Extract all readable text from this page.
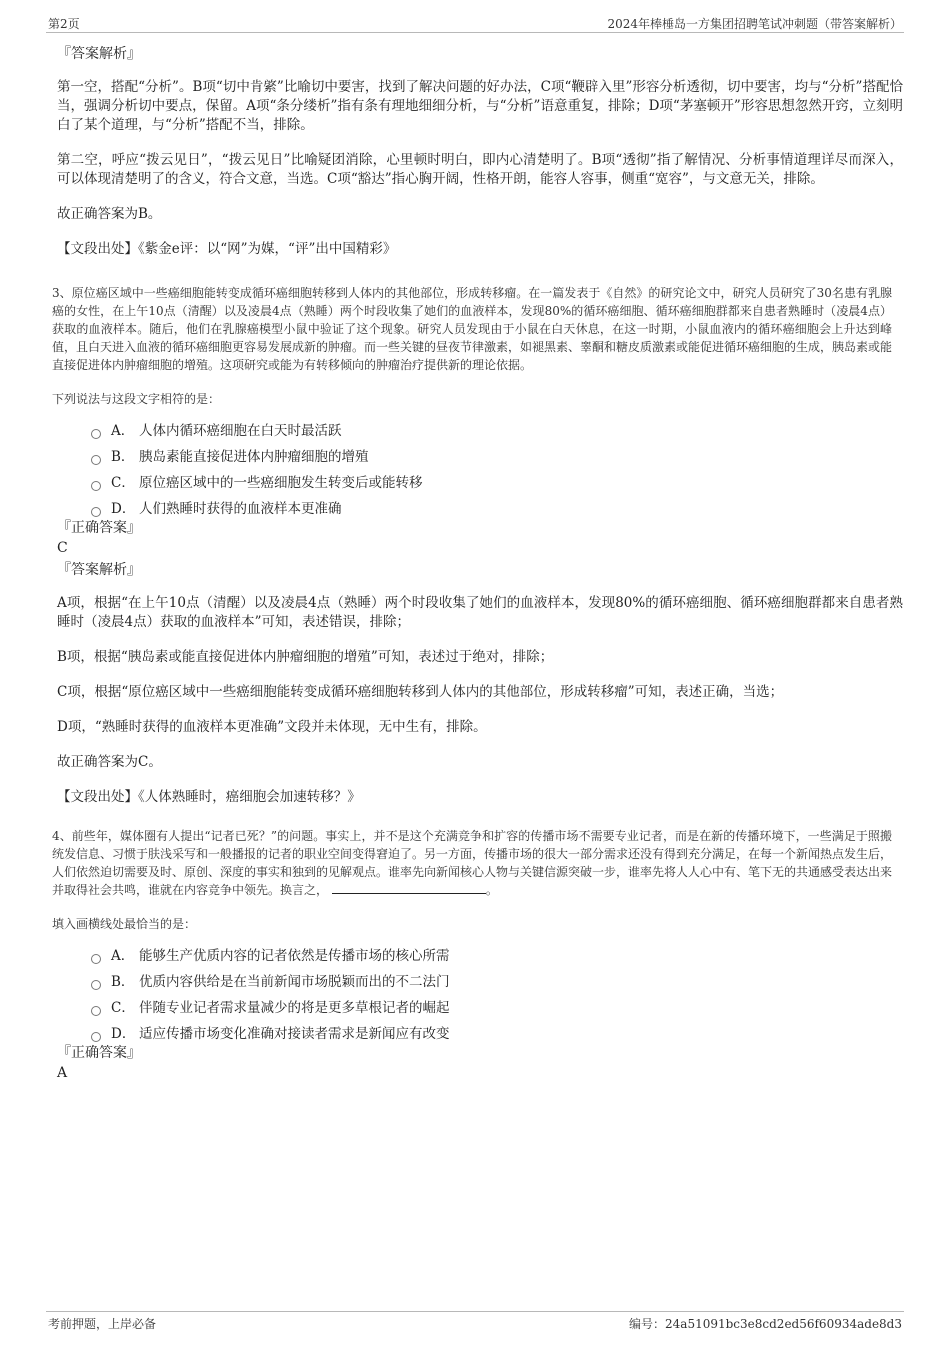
第2页	2024年棒棰岛一方集团招聘笔试冲刺题（带答案解析）

『答案解析』

第一空，搭配“分析”。B项“切中肯綮”比喻切中要害，找到了解决问题的好办法，C项“鞭辟入里”形容分析透彻，切中要害，均与“分析”搭配恰当，强调分析切中要点，保留。A项“条分缕析”指有条有理地细细分析，与“分析”语意重复，排除；D项“茅塞顿开”形容思想忽然开窍，立刻明白了某个道理，与“分析”搭配不当，排除。

第二空，呼应“拨云见日”，“拨云见日”比喻疑团消除，心里顿时明白，即内心清楚明了。B项“透彻”指了解情况、分析事情道理详尽而深入，可以体现清楚明了的含义，符合文意，当选。C项“豁达”指心胸开阔，性格开朗，能容人容事，侧重“宽容”，与文意无关，排除。

故正确答案为B。

【文段出处】《紫金e评：以“网”为媒，“评”出中国精彩》

3、原位癌区域中一些癌细胞能转变成循环癌细胞转移到人体内的其他部位，形成转移瘤。在一篇发表于《自然》的研究论文中，研究人员研究了30名患有乳腺癌的女性，在上午10点（清醒）以及凌晨4点（熟睡）两个时段收集了她们的血液样本，发现80%的循环癌细胞、循环癌细胞群都来自患者熟睡时（凌晨4点）获取的血液样本。随后，他们在乳腺癌模型小鼠中验证了这个现象。研究人员发现由于小鼠在白天休息，在这一时期，小鼠血液内的循环癌细胞会上升达到峰值，且白天进入血液的循环癌细胞更容易发展成新的肿瘤。而一些关键的昼夜节律激素，如褪黑素、睾酮和糖皮质激素或能促进循环癌细胞的生成，胰岛素或能直接促进体内肿瘤细胞的增殖。这项研究或能为有转移倾向的肿瘤治疗提供新的理论依据。

下列说法与这段文字相符的是：

A． 人体内循环癌细胞在白天时最活跃
B． 胰岛素能直接促进体内肿瘤细胞的增殖
C． 原位癌区域中的一些癌细胞发生转变后或能转移
D． 人们熟睡时获得的血液样本更准确

『正确答案』

C

『答案解析』

A项，根据“在上午10点（清醒）以及凌晨4点（熟睡）两个时段收集了她们的血液样本，发现80%的循环癌细胞、循环癌细胞群都来自患者熟睡时（凌晨4点）获取的血液样本”可知，表述错误，排除；

B项，根据“胰岛素或能直接促进体内肿瘤细胞的增殖”可知，表述过于绝对，排除；

C项，根据“原位癌区域中一些癌细胞能转变成循环癌细胞转移到人体内的其他部位，形成转移瘤”可知，表述正确，当选；

D项，“熟睡时获得的血液样本更准确”文段并未体现，无中生有，排除。

故正确答案为C。

【文段出处】《人体熟睡时，癌细胞会加速转移？》

4、前些年，媒体圈有人提出“记者已死？”的问题。事实上，并不是这个充满竞争和扩容的传播市场不需要专业记者，而是在新的传播环境下，一些满足于照搬统发信息、习惯于肤浅采写和一般播报的记者的职业空间变得窘迫了。另一方面，传播市场的很大一部分需求还没有得到充分满足，在每一个新闻热点发生后，人们依然迫切需要及时、原创、深度的事实和独到的见解观点。谁率先向新闻核心人物与关键信源突破一步，谁率先将人人心中有、笔下无的共通感受表达出来并取得社会共鸣，谁就在内容竞争中领先。换言之，	。

填入画横线处最恰当的是：

A． 能够生产优质内容的记者依然是传播市场的核心所需
B． 优质内容供给是在当前新闻市场脱颖而出的不二法门
C． 伴随专业记者需求量减少的将是更多草根记者的崛起
D． 适应传播市场变化准确对接读者需求是新闻应有改变

『正确答案』

A

考前押题，上岸必备	编号：24a51091bc3e8cd2ed56f60934ade8d3
